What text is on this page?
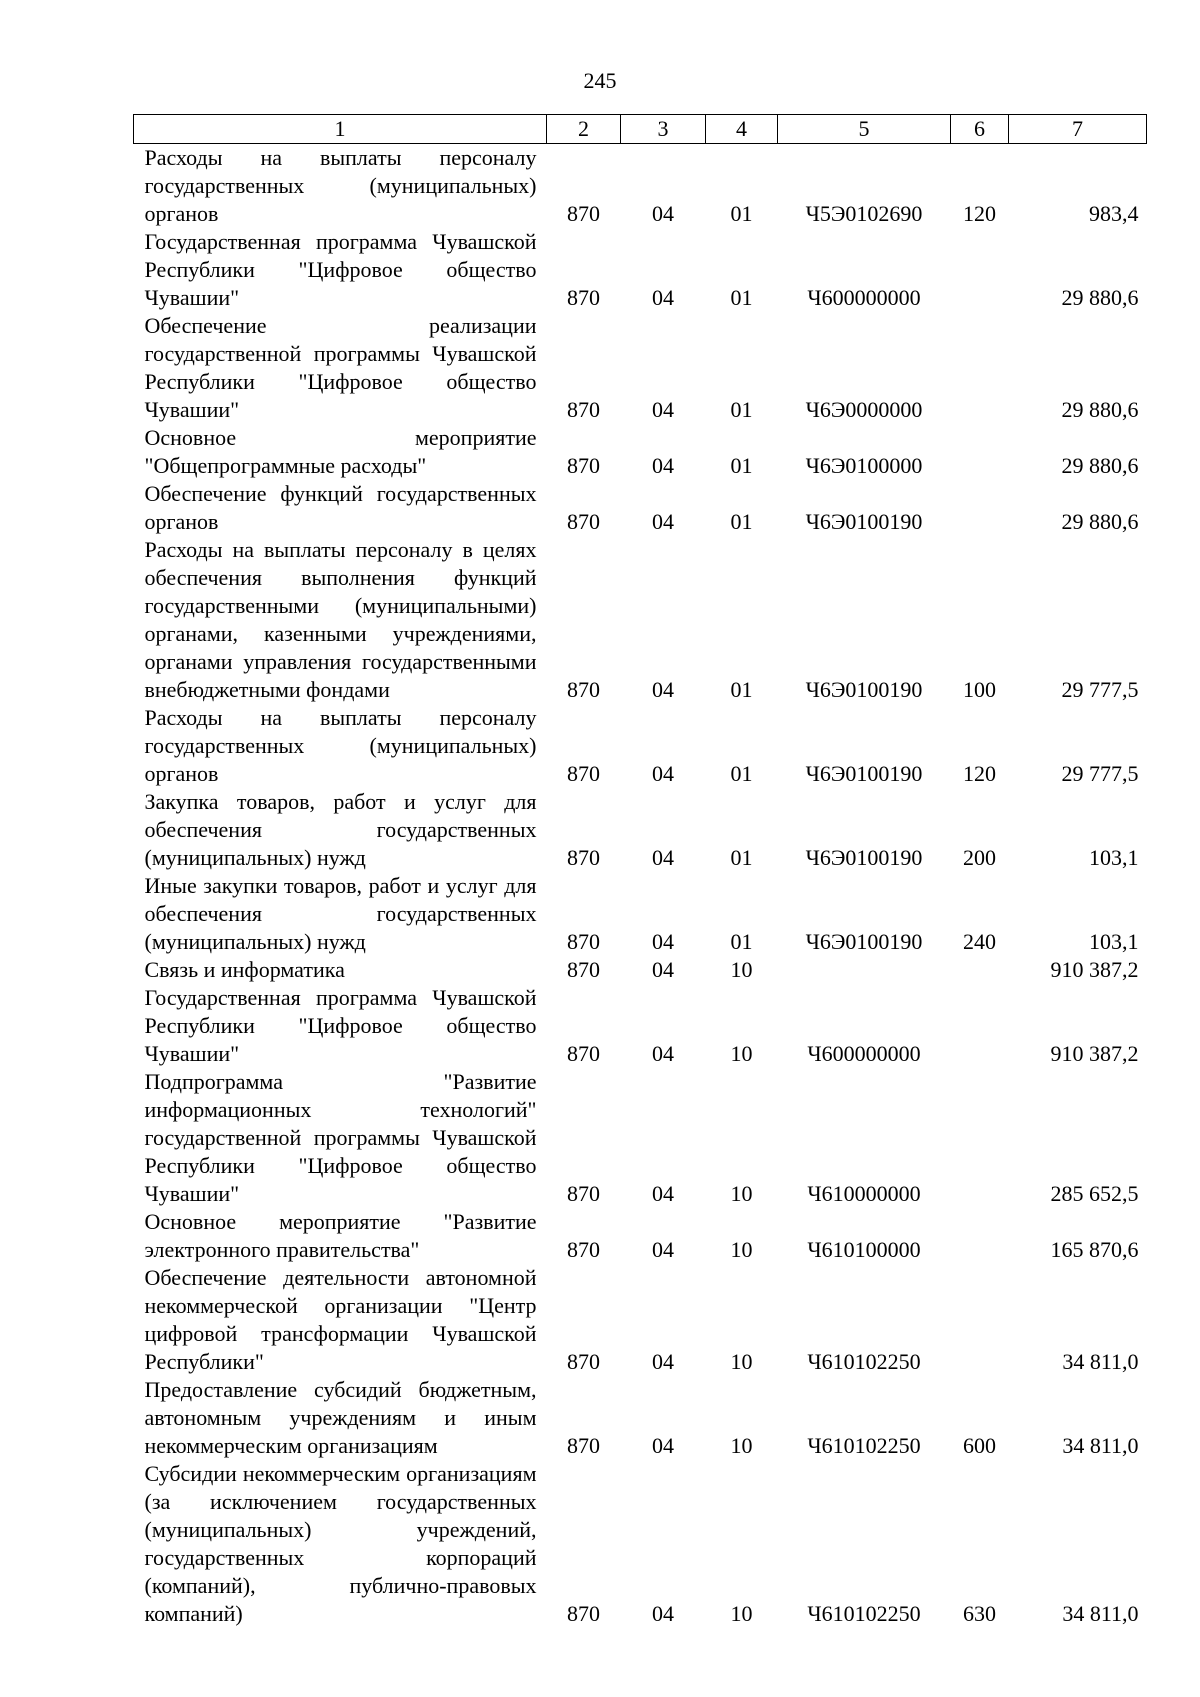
245
1	2	3	4	5	6	7
Расходы на выплаты персоналу государственных (муниципальных) органов	870	04	01	Ч5Э0102690	120	983,4
Государственная программа Чувашской Республики "Цифровое общество Чувашии"	870	04	01	Ч600000000		29 880,6
Обеспечение реализации государственной программы Чувашской Республики "Цифровое общество Чувашии"	870	04	01	Ч6Э0000000		29 880,6
Основное мероприятие "Общепрограммные расходы"	870	04	01	Ч6Э0100000		29 880,6
Обеспечение функций государственных органов	870	04	01	Ч6Э0100190		29 880,6
Расходы на выплаты персоналу в целях обеспечения выполнения функций государственными (муниципальными) органами, казенными учреждениями, органами управления государственными внебюджетными фондами	870	04	01	Ч6Э0100190	100	29 777,5
Расходы на выплаты персоналу государственных (муниципальных) органов	870	04	01	Ч6Э0100190	120	29 777,5
Закупка товаров, работ и услуг для обеспечения государственных (муниципальных) нужд	870	04	01	Ч6Э0100190	200	103,1
Иные закупки товаров, работ и услуг для обеспечения государственных (муниципальных) нужд	870	04	01	Ч6Э0100190	240	103,1
Связь и информатика	870	04	10			910 387,2
Государственная программа Чувашской Республики "Цифровое общество Чувашии"	870	04	10	Ч600000000		910 387,2
Подпрограмма "Развитие информационных технологий" государственной программы Чувашской Республики "Цифровое общество Чувашии"	870	04	10	Ч610000000		285 652,5
Основное мероприятие "Развитие электронного правительства"	870	04	10	Ч610100000		165 870,6
Обеспечение деятельности автономной некоммерческой организации "Центр цифровой трансформации Чувашской Республики"	870	04	10	Ч610102250		34 811,0
Предоставление субсидий бюджетным, автономным учреждениям и иным некоммерческим организациям	870	04	10	Ч610102250	600	34 811,0
Субсидии некоммерческим организациям (за исключением государственных (муниципальных) учреждений, государственных корпораций (компаний), публично-правовых компаний)	870	04	10	Ч610102250	630	34 811,0
